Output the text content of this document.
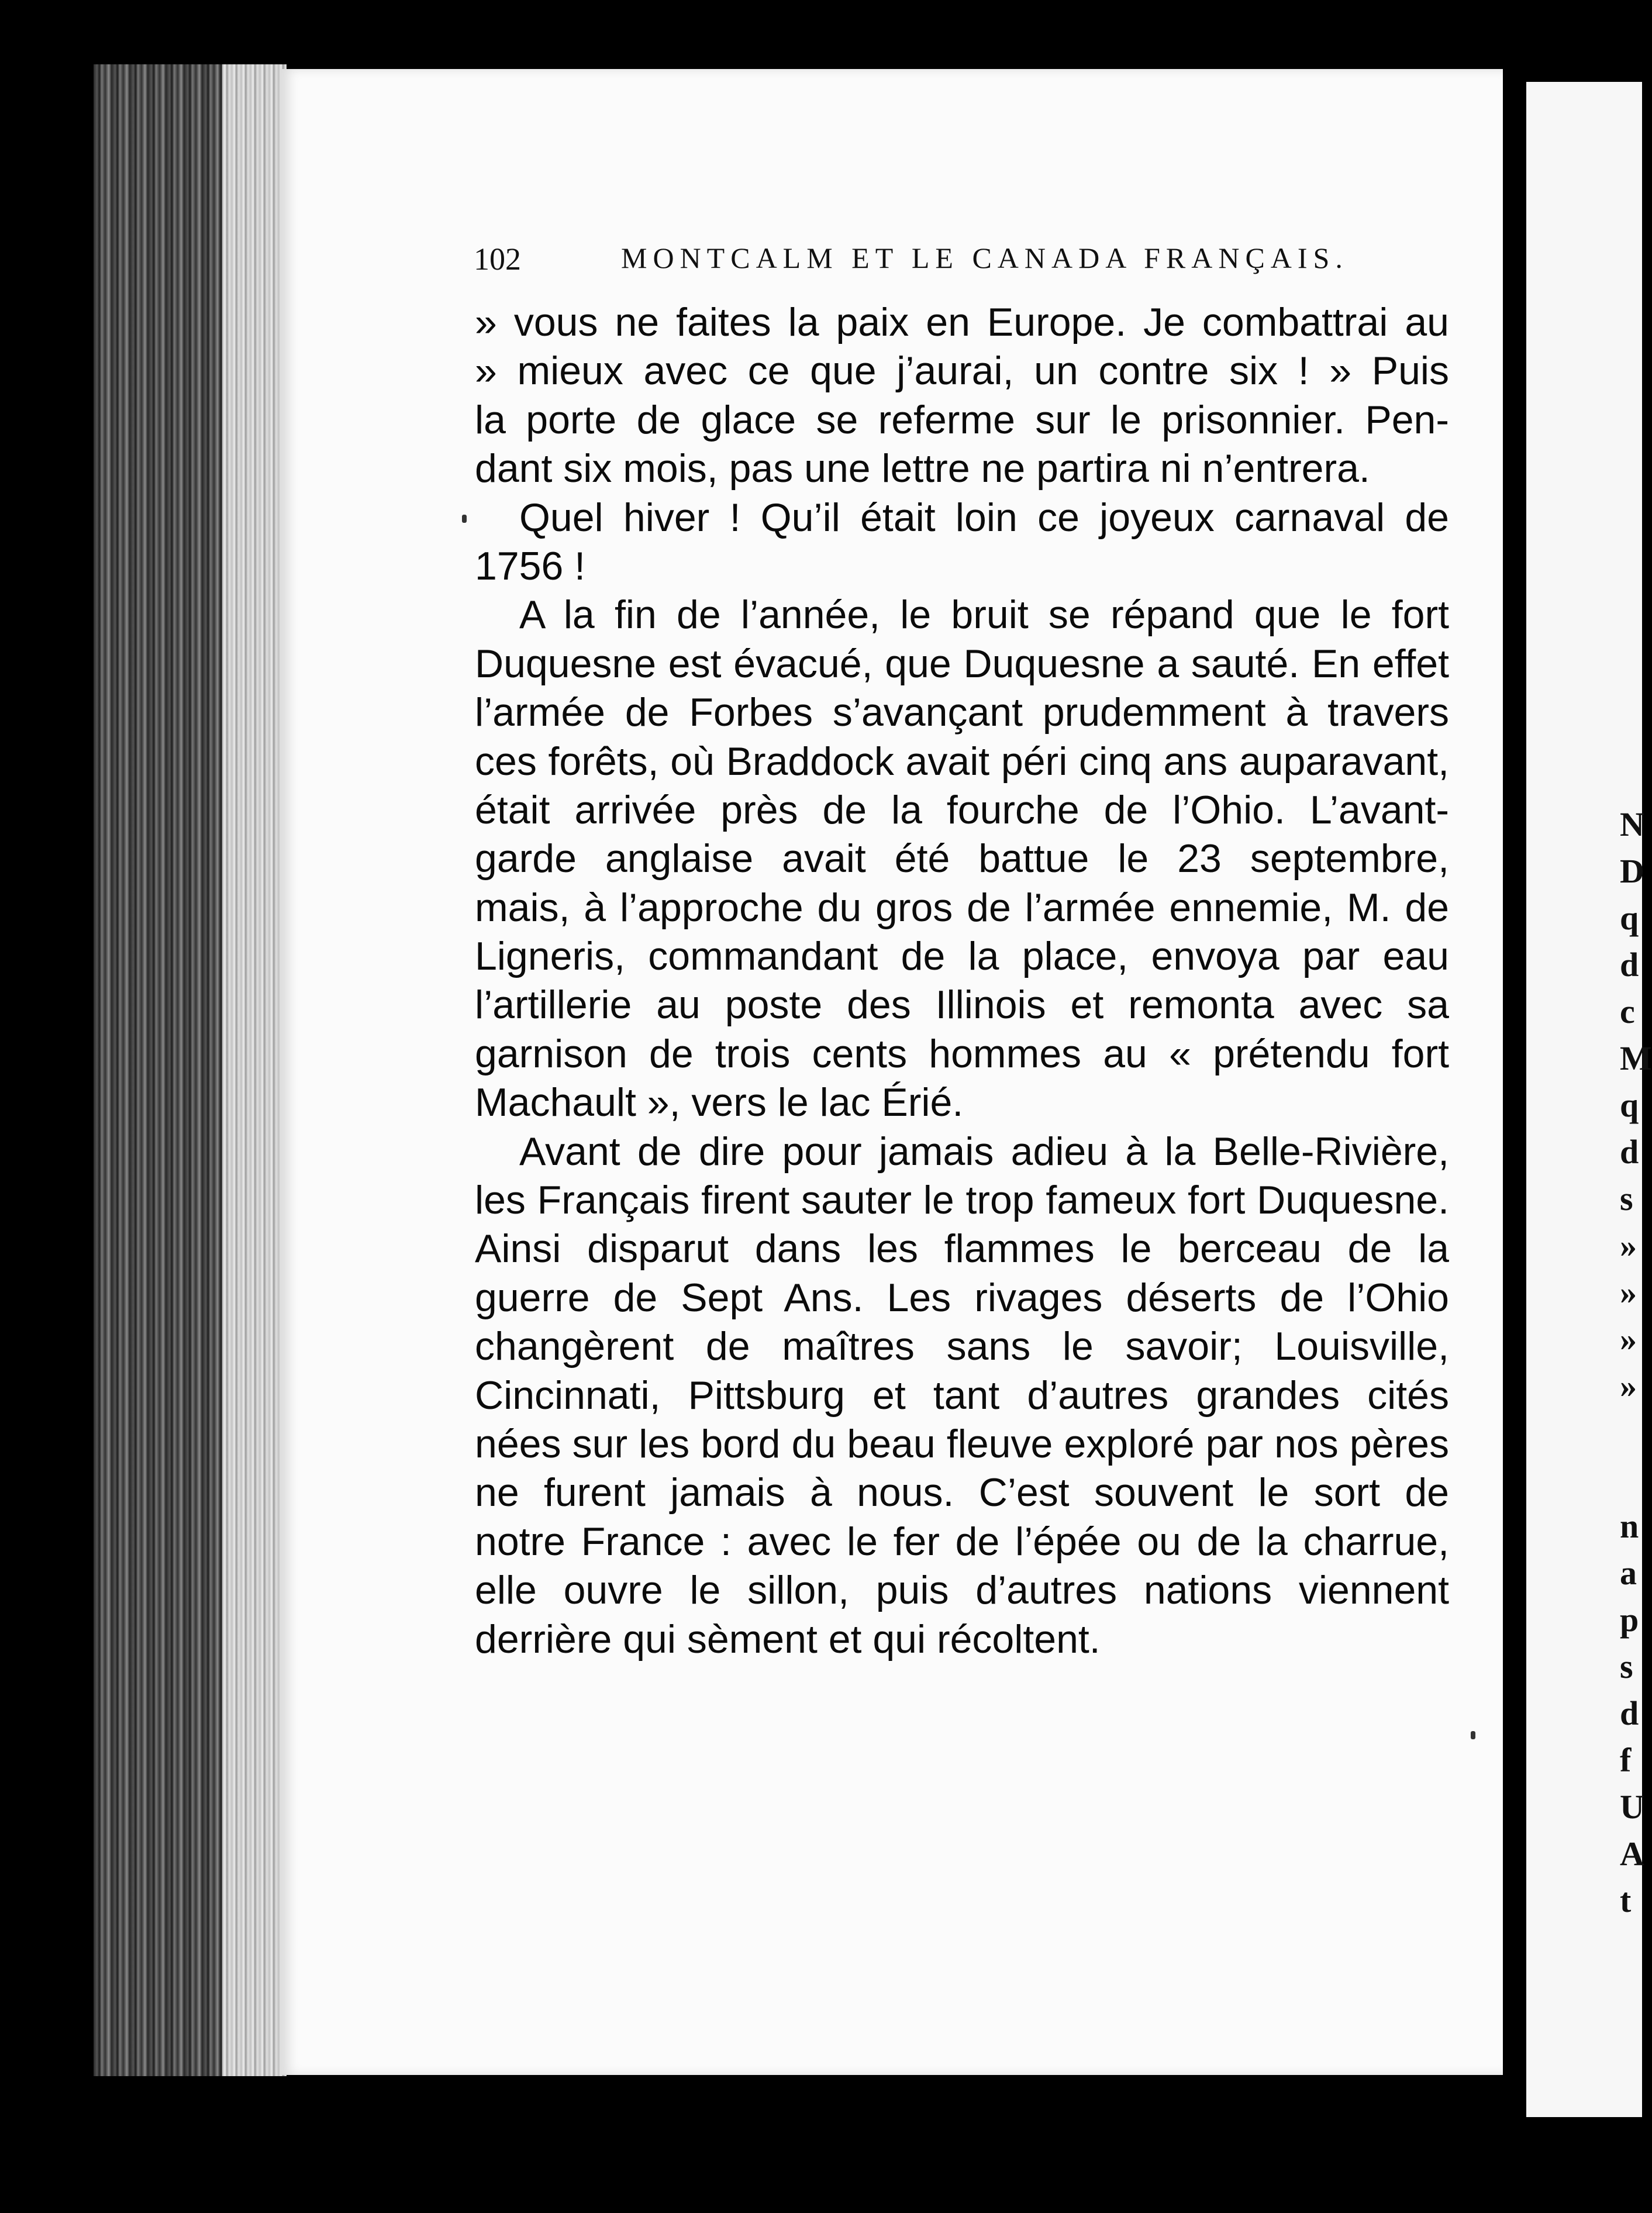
N
D
q
d
c
M
q
d
s
»
»
»
»
n
a
p
s
d
f
U
A
t
102	MONTCALM ET LE CANADA FRANÇAIS.
» vous ne faites la paix en Europe. Je combattrai au
» mieux avec ce que j’aurai, un contre six ! » Puis
la porte de glace se referme sur le prisonnier. Pen-
dant six mois, pas une lettre ne partira ni n’entrera.
Quel hiver ! Qu’il était loin ce joyeux carnaval de
1756 !
A la fin de l’année, le bruit se répand que le fort
Duquesne est évacué, que Duquesne a sauté. En effet
l’armée de Forbes s’avançant prudemment à travers
ces forêts, où Braddock avait péri cinq ans auparavant,
était arrivée près de la fourche de l’Ohio. L’avant-
garde anglaise avait été battue le 23 septembre,
mais, à l’approche du gros de l’armée ennemie, M. de
Ligneris, commandant de la place, envoya par eau
l’artillerie au poste des Illinois et remonta avec sa
garnison de trois cents hommes au « prétendu fort
Machault », vers le lac Érié.
Avant de dire pour jamais adieu à la Belle-Rivière,
les Français firent sauter le trop fameux fort Duquesne.
Ainsi disparut dans les flammes le berceau de la
guerre de Sept Ans. Les rivages déserts de l’Ohio
changèrent de maîtres sans le savoir; Louisville,
Cincinnati, Pittsburg et tant d’autres grandes cités
nées sur les bord du beau fleuve exploré par nos pères
ne furent jamais à nous. C’est souvent le sort de
notre France : avec le fer de l’épée ou de la charrue,
elle ouvre le sillon, puis d’autres nations viennent
derrière qui sèment et qui récoltent.
